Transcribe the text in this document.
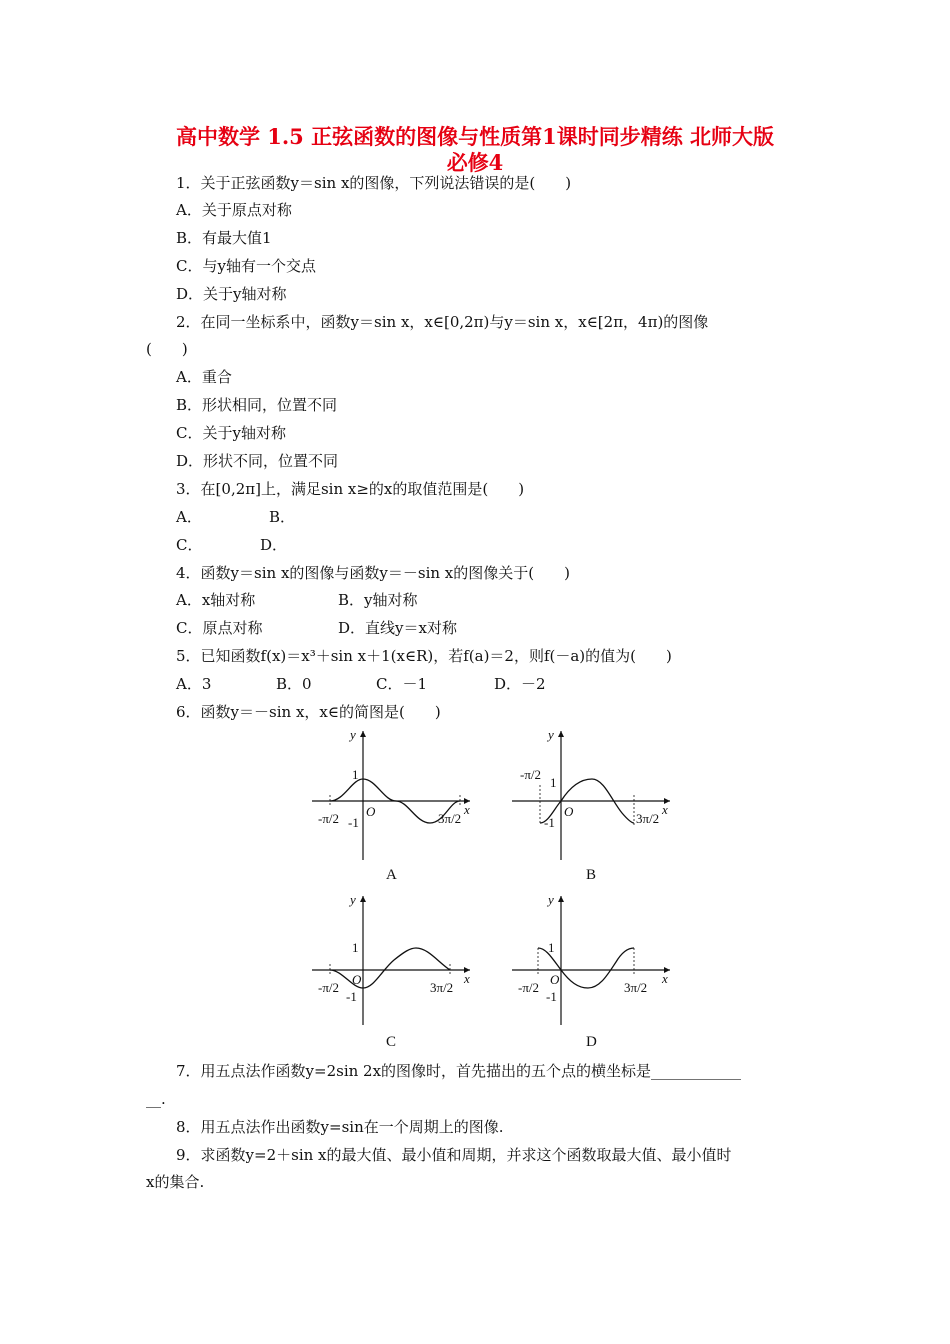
高中数学 1.5 正弦函数的图像与性质第1课时同步精练 北师大版
必修4
1．关于正弦函数y＝sin x的图像，下列说法错误的是(　　)
A．关于原点对称
B．有最大值1
C．与y轴有一个交点
D．关于y轴对称
2．在同一坐标系中，函数y＝sin x，x∈[0,2π)与y＝sin x，x∈[2π，4π)的图像
(　　)
A．重合
B．形状相同，位置不同
C．关于y轴对称
D．形状不同，位置不同
3．在[0,2π]上，满足sin x≥的x的取值范围是(　　)
A．	B．
C．	D．
4．函数y＝sin x的图像与函数y＝－sin x的图像关于(　　)
A．x轴对称	B．y轴对称
C．原点对称	D．直线y＝x对称
5．已知函数f(x)＝x³＋sin x＋1(x∈R)，若f(a)＝2，则f(－a)的值为(　　)
A．3	B．0	C．－1	D．－2
6．函数y＝－sin x，x∈的简图是(　　)
y
x
O
1
-1
-π/2	3π/2
A
y
x
O
1
-1
-π/2
3π/2
B
y
x
O
1
-1
-π/2	3π/2
C
y
x
O
1
-1
-π/2	3π/2
D
7．用五点法作函数y=2sin 2x的图像时，首先描出的五个点的横坐标是____________
__.
8．用五点法作出函数y=sin在一个周期上的图像.
9．求函数y=2＋sin x的最大值、最小值和周期，并求这个函数取最大值、最小值时
x的集合.
